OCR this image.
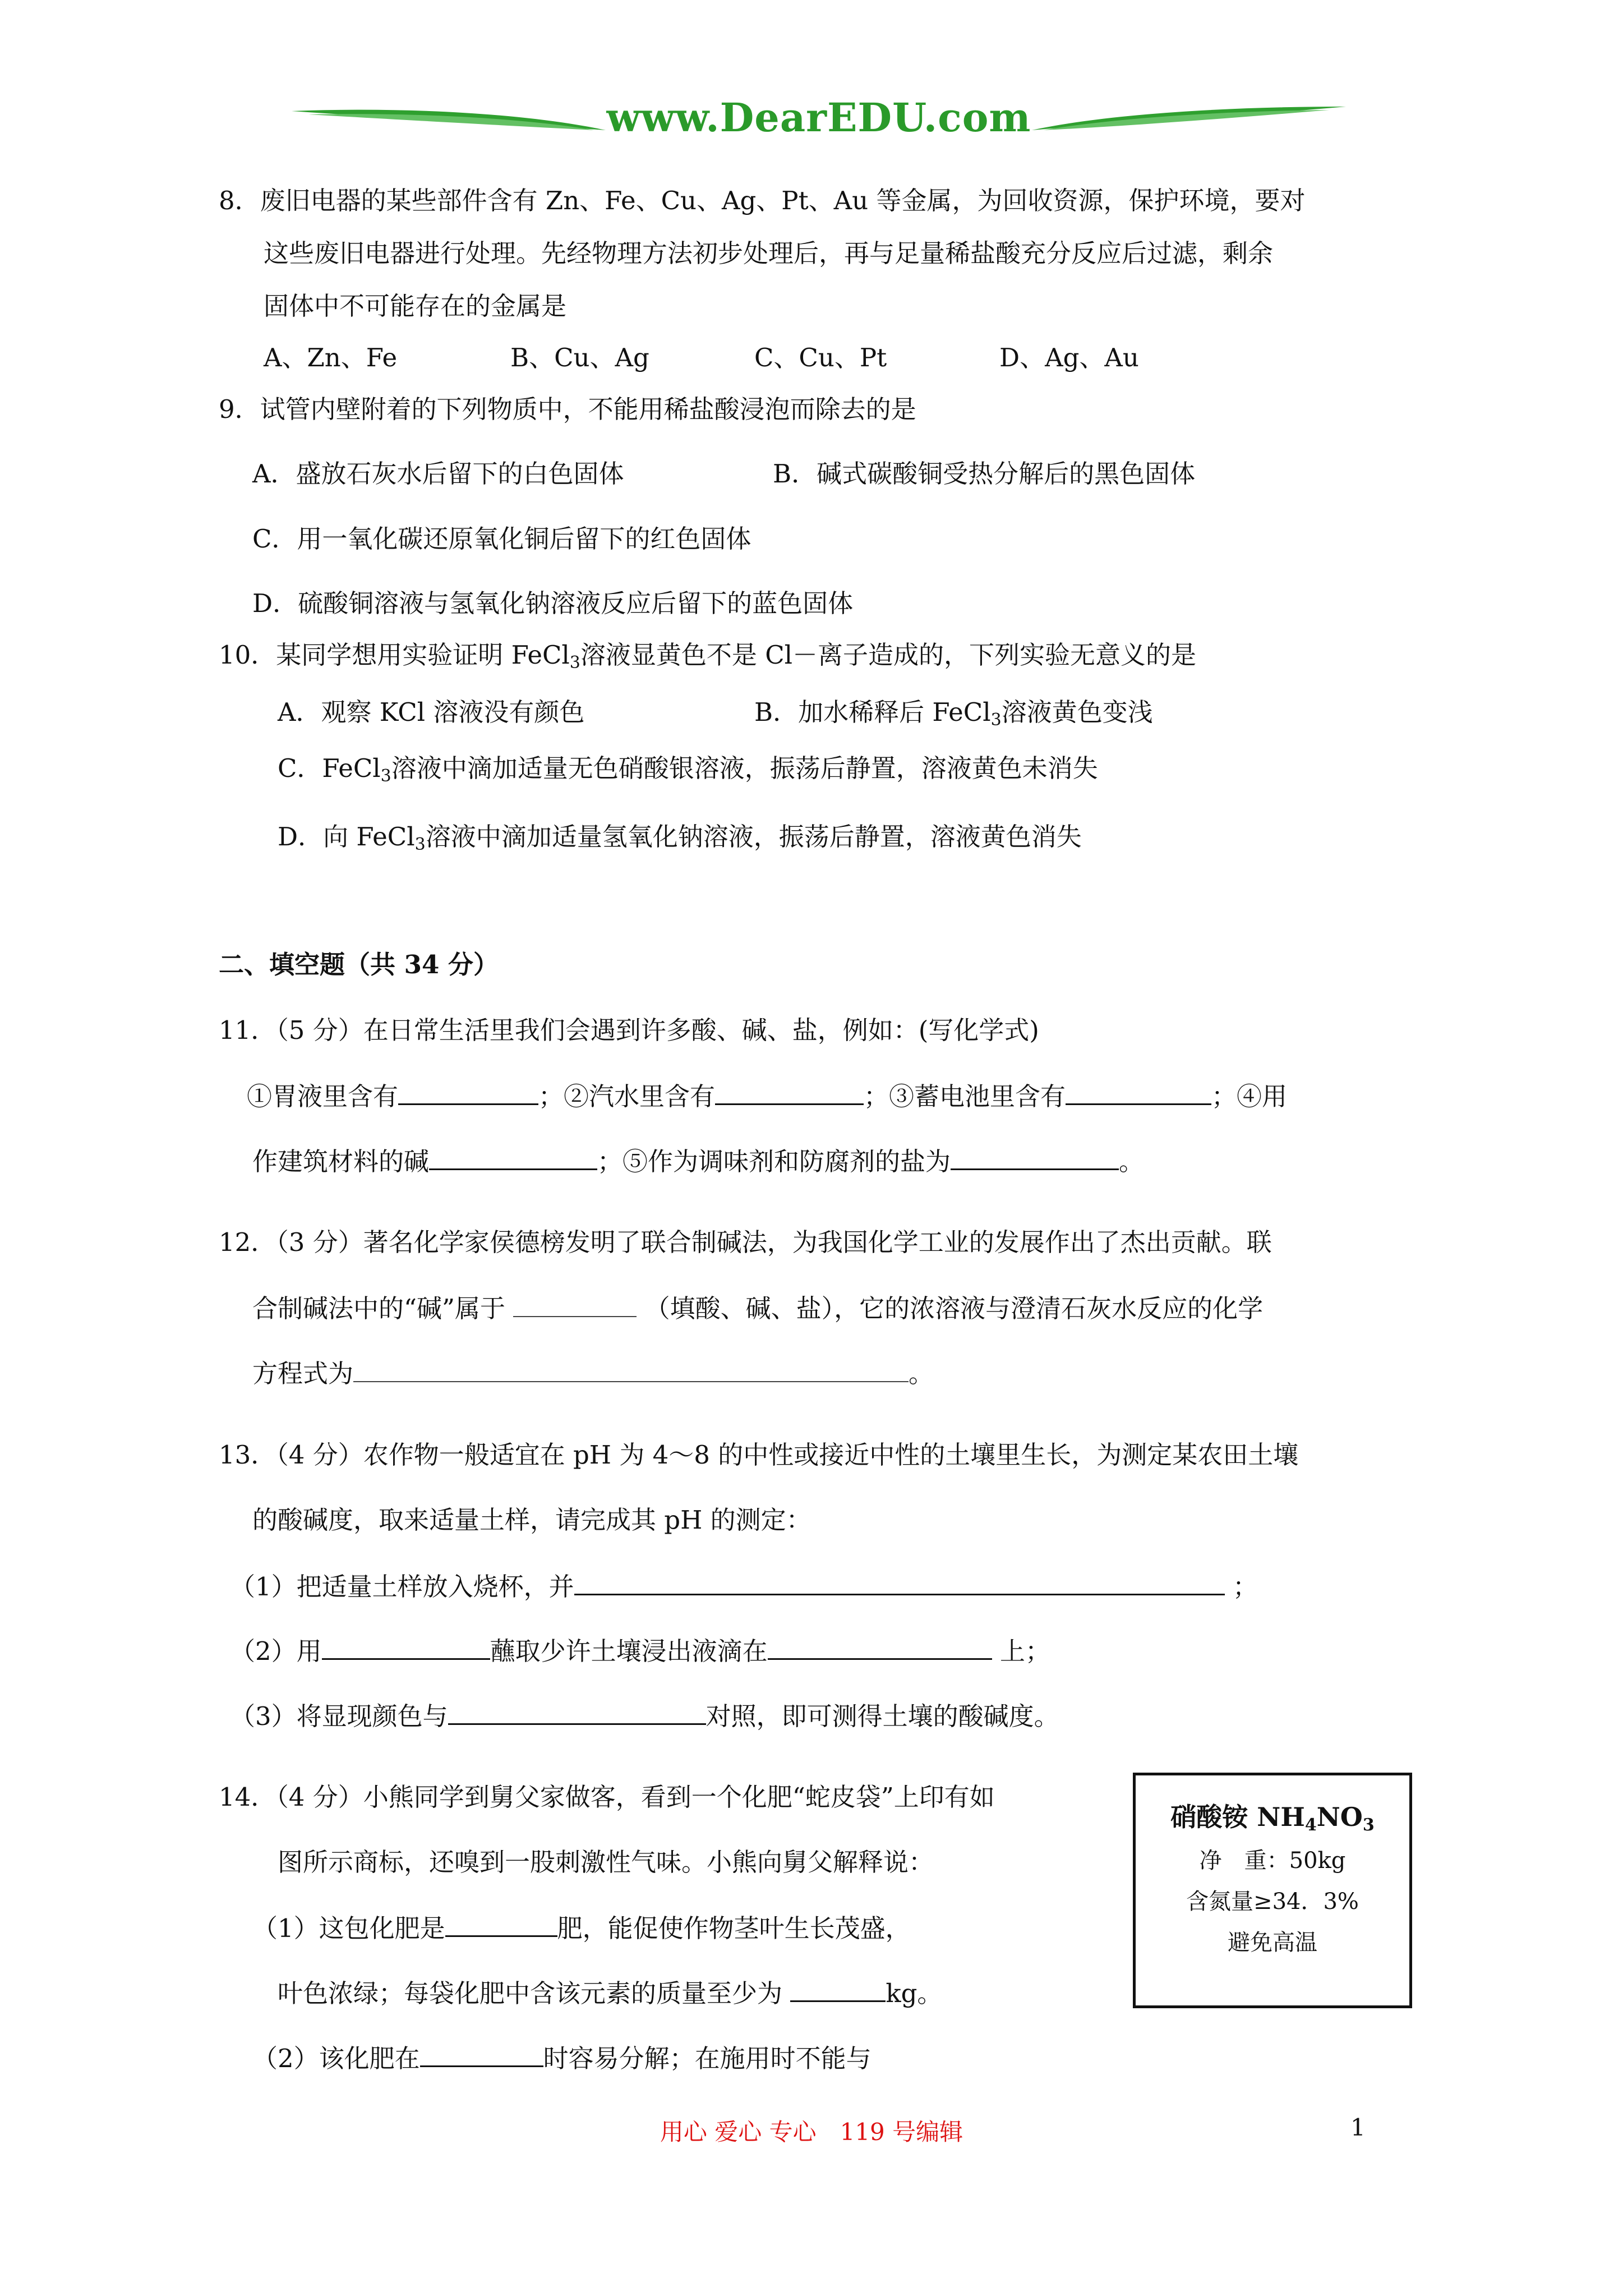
www.DearEDU.com
8．废旧电器的某些部件含有 Zn、Fe、Cu、Ag、Pt、Au 等金属，为回收资源，保护环境，要对
这些废旧电器进行处理。先经物理方法初步处理后，再与足量稀盐酸充分反应后过滤，剩余
固体中不可能存在的金属是
A、Zn、Fe	B、Cu、Ag	C、Cu、Pt	D、Ag、Au
9．试管内壁附着的下列物质中，不能用稀盐酸浸泡而除去的是
A．盛放石灰水后留下的白色固体	B．碱式碳酸铜受热分解后的黑色固体
C．用一氧化碳还原氧化铜后留下的红色固体
D．硫酸铜溶液与氢氧化钠溶液反应后留下的蓝色固体
10．某同学想用实验证明 FeCl$_3$溶液显黄色不是 Cl－离子造成的，下列实验无意义的是
A．观察 KCl 溶液没有颜色	B．加水稀释后 FeCl$_3$溶液黄色变浅
C．FeCl$_3$溶液中滴加适量无色硝酸银溶液，振荡后静置，溶液黄色未消失
D．向 FeCl$_3$溶液中滴加适量氢氧化钠溶液，振荡后静置，溶液黄色消失
二、填空题（共 34 分）
11．（5 分）在日常生活里我们会遇到许多酸、碱、盐，例如：(写化学式)
①胃液里含有	；②汽水里含有	；③蓄电池里含有	；④用
作建筑材料的碱	；⑤作为调味剂和防腐剂的盐为	。
12．（3 分）著名化学家侯德榜发明了联合制碱法，为我国化学工业的发展作出了杰出贡献。联
合制碱法中的“碱”属于	（填酸、碱、盐），它的浓溶液与澄清石灰水反应的化学
方程式为	。
13．（4 分）农作物一般适宜在 pH 为 4～8 的中性或接近中性的土壤里生长，为测定某农田土壤
的酸碱度，取来适量土样，请完成其 pH 的测定：
（1）把适量土样放入烧杯，并	；
（2）用	蘸取少许土壤浸出液滴在	上；
（3）将显现颜色与	对照，即可测得土壤的酸碱度。
14．（4 分）小熊同学到舅父家做客，看到一个化肥“蛇皮袋”上印有如
图所示商标，还嗅到一股刺激性气味。小熊向舅父解释说：
（1）这包化肥是	肥，能促使作物茎叶生长茂盛，
叶色浓绿；每袋化肥中含该元素的质量至少为	kg。
（2）该化肥在	时容易分解；在施用时不能与
硝酸铵 $NH_4NO_3$
净　重：50kg
含氮量≥34．3%
避免高温
用心 爱心 专心　119 号编辑	1
